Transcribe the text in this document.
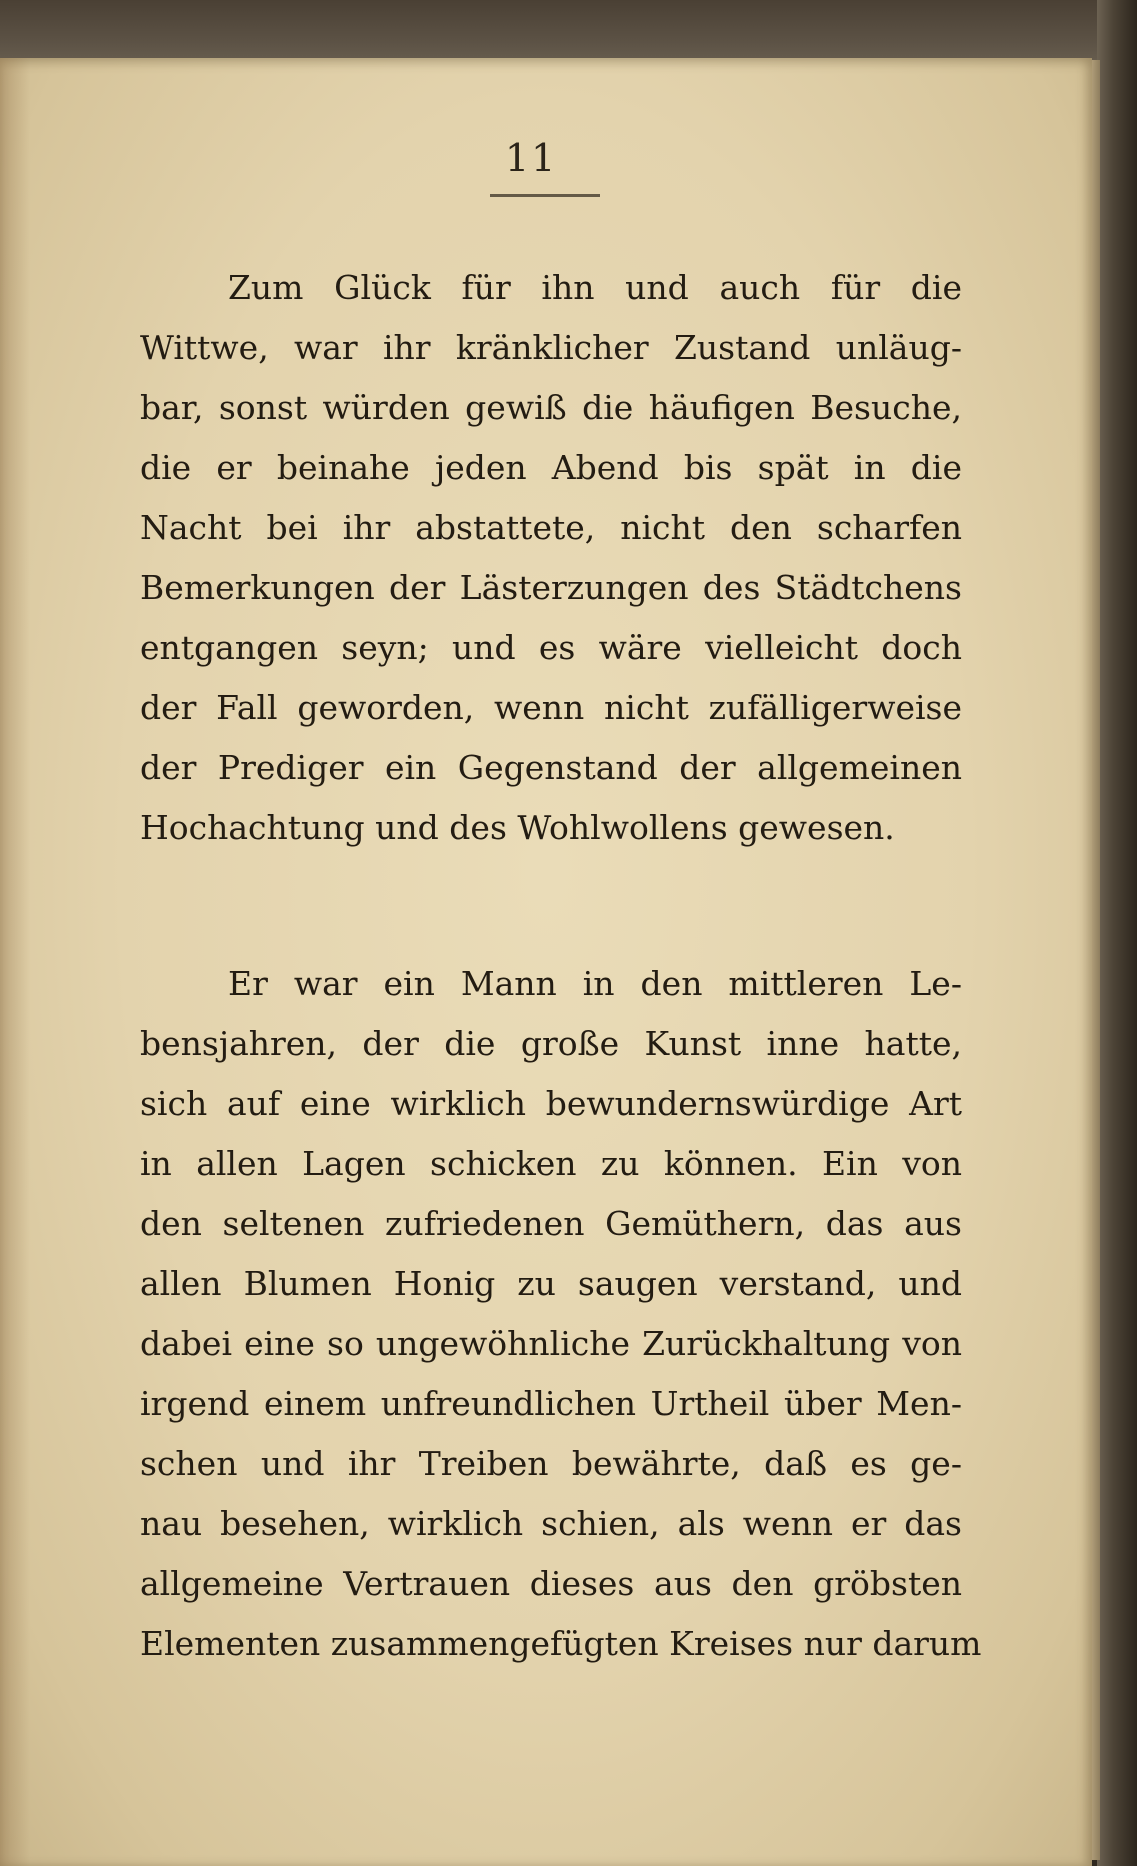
11
Zum Glück für ihn und auch für die
Wittwe, war ihr kränklicher Zustand unläug-
bar, sonst würden gewiß die häufigen Besuche,
die er beinahe jeden Abend bis spät in die
Nacht bei ihr abstattete, nicht den scharfen
Bemerkungen der Lästerzungen des Städtchens
entgangen seyn; und es wäre vielleicht doch
der Fall geworden, wenn nicht zufälligerweise
der Prediger ein Gegenstand der allgemeinen
Hochachtung und des Wohlwollens gewesen.
Er war ein Mann in den mittleren Le-
bensjahren, der die große Kunst inne hatte,
sich auf eine wirklich bewundernswürdige Art
in allen Lagen schicken zu können. Ein von
den seltenen zufriedenen Gemüthern, das aus
allen Blumen Honig zu saugen verstand, und
dabei eine so ungewöhnliche Zurückhaltung von
irgend einem unfreundlichen Urtheil über Men-
schen und ihr Treiben bewährte, daß es ge-
nau besehen, wirklich schien, als wenn er das
allgemeine Vertrauen dieses aus den gröbsten
Elementen zusammengefügten Kreises nur darum
